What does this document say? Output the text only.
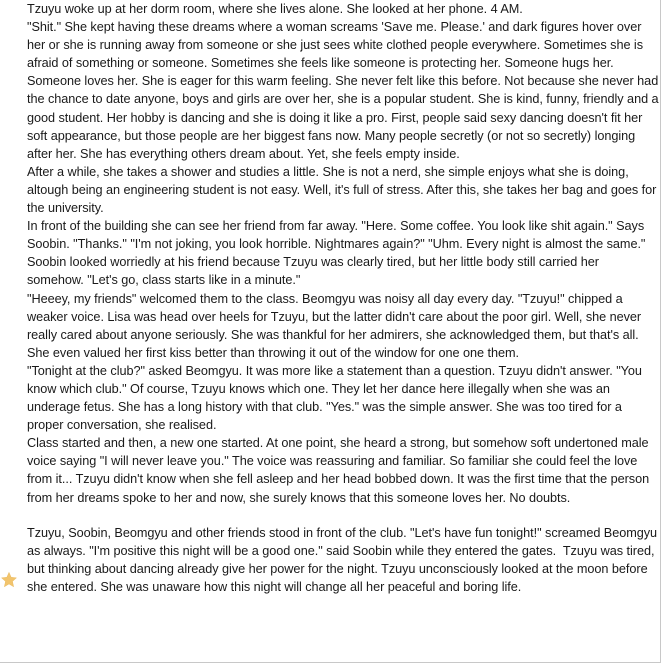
Tzuyu woke up at her dorm room, where she lives alone. She looked at her phone. 4 AM.

"Shit." She kept having these dreams where a woman screams 'Save me. Please.' and dark figures hover over her or she is running away from someone or she just sees white clothed people everywhere. Sometimes she is afraid of something or someone. Sometimes she feels like someone is protecting her. Someone hugs her. Someone loves her. She is eager for this warm feeling. She never felt like this before. Not because she never had the chance to date anyone, boys and girls are over her, she is a popular student. She is kind, funny, friendly and a good student. Her hobby is dancing and she is doing it like a pro. First, people said sexy dancing doesn't fit her soft appearance, but those people are her biggest fans now. Many people secretly (or not so secretly) longing after her. She has everything others dream about. Yet, she feels empty inside.

After a while, she takes a shower and studies a little. She is not a nerd, she simple enjoys what she is doing, altough being an engineering student is not easy. Well, it's full of stress. After this, she takes her bag and goes for the university.

In front of the building she can see her friend from far away. "Here. Some coffee. You look like shit again." Says Soobin. "Thanks." "I'm not joking, you look horrible. Nightmares again?" "Uhm. Every night is almost the same." Soobin looked worriedly at his friend because Tzuyu was clearly tired, but her little body still carried her somehow. "Let's go, class starts like in a minute."

"Heeey, my friends" welcomed them to the class. Beomgyu was noisy all day every day. "Tzuyu!" chipped a weaker voice. Lisa was head over heels for Tzuyu, but the latter didn't care about the poor girl. Well, she never really cared about anyone seriously. She was thankful for her admirers, she acknowledged them, but that's all. She even valued her first kiss better than throwing it out of the window for one one them.

"Tonight at the club?" asked Beomgyu. It was more like a statement than a question. Tzuyu didn't answer. "You know which club." Of course, Tzuyu knows which one. They let her dance here illegally when she was an underage fetus. She has a long history with that club. "Yes." was the simple answer. She was too tired for a proper conversation, she realised.

Class started and then, a new one started. At one point, she heard a strong, but somehow soft undertoned male voice saying "I will never leave you." The voice was reassuring and familiar. So familiar she could feel the love from it... Tzuyu didn't know when she fell asleep and her head bobbed down. It was the first time that the person from her dreams spoke to her and now, she surely knows that this someone loves her. No doubts.

Tzuyu, Soobin, Beomgyu and other friends stood in front of the club. "Let's have fun tonight!" screamed Beomgyu as always. "I'm positive this night will be a good one." said Soobin while they entered the gates.  Tzuyu was tired, but thinking about dancing already give her power for the night. Tzuyu unconsciously looked at the moon before she entered. She was unaware how this night will change all her peaceful and boring life.
